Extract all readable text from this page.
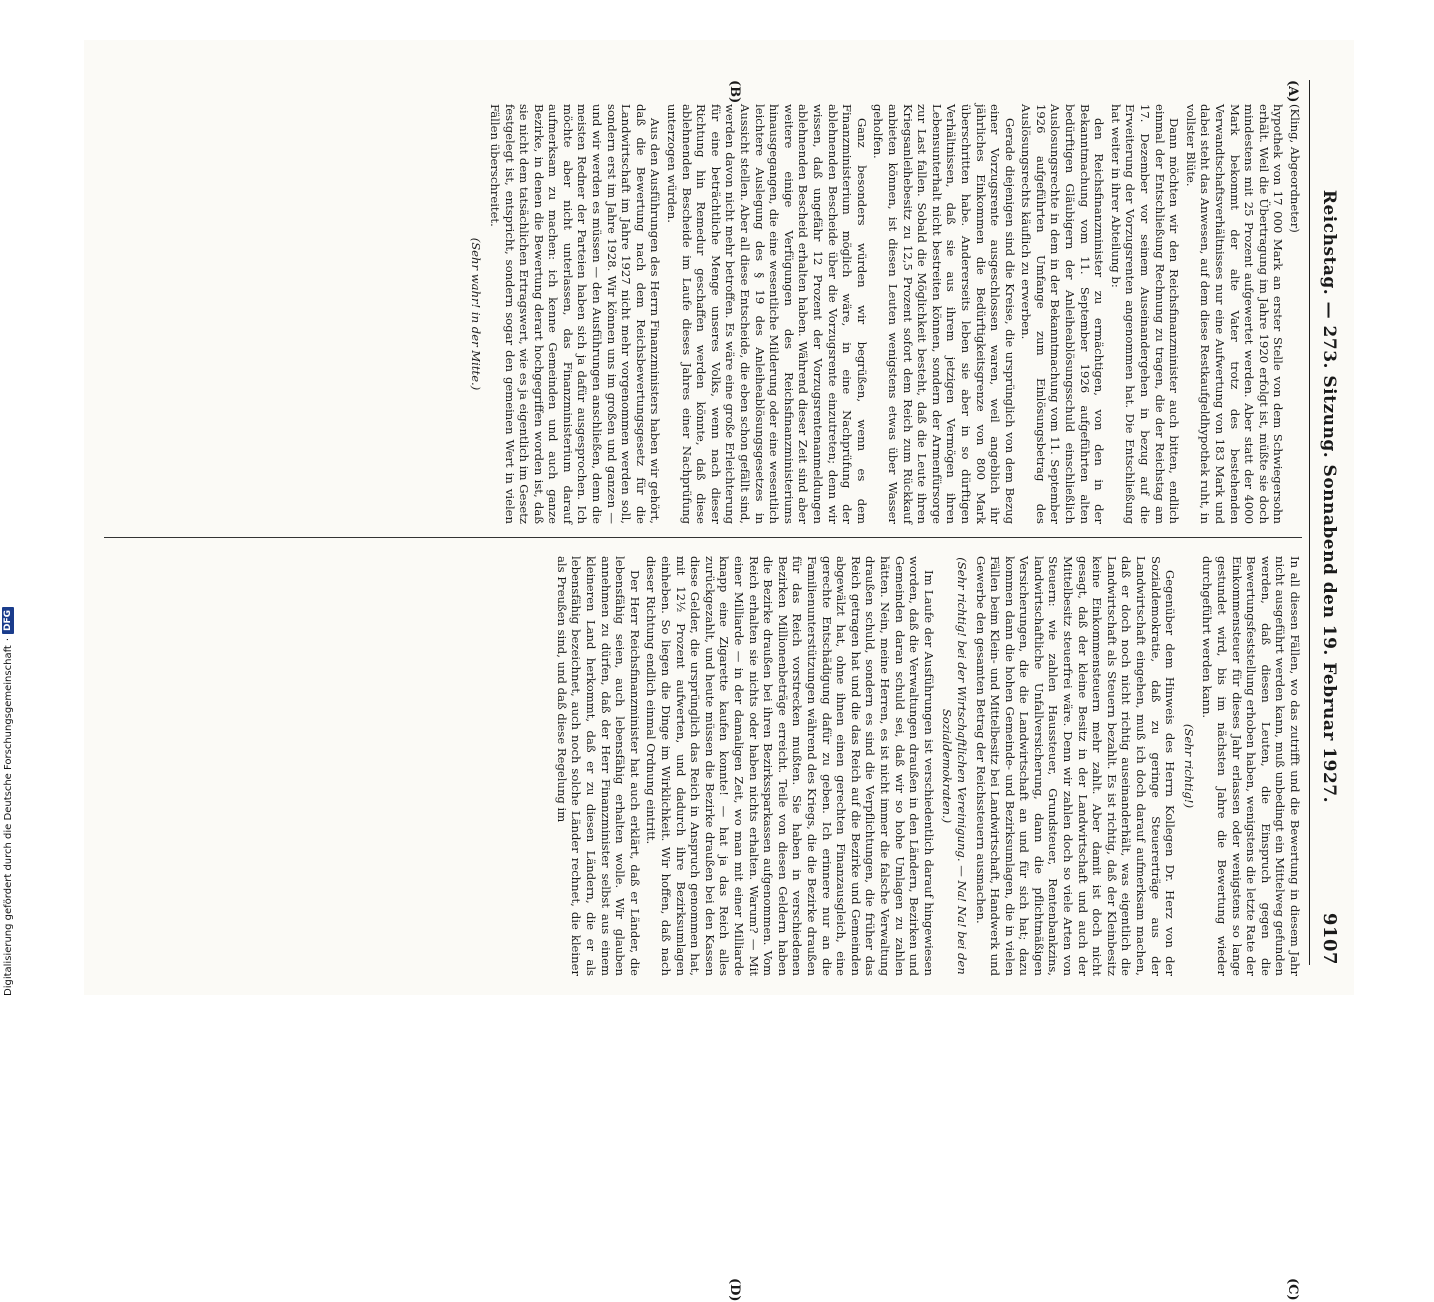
Reichstag. — 273. Sitzung. Sonnabend den 19. Februar 1927.
9107
(A)
(B)
(C)
(D)

(Kling, Abgeordneter)

hypothek von 17 000 Mark an erster Stelle von dem Schwiegersohn erhält. Weil die Übertragung im Jahre 1920 erfolgt ist, müßte sie doch mindestens mit 25 Prozent aufgewertet werden. Aber statt der 4000 Mark bekommt der alte Vater trotz des bestehenden Verwandtschaftsverhältnisses nur eine Aufwertung von 183 Mark und dabei steht das Anwesen, auf dem diese Restkaufgeldhypothek ruht, in vollster Blüte.

Dann möchten wir den Reichsfinanzminister auch bitten, endlich einmal der Entschließung Rechnung zu tragen, die der Reichstag am 17. Dezember vor seinem Auseinandergehen in bezug auf die Erweiterung der Vorzugsrenten angenommen hat. Die Entschließung hat weiter in ihrer Abteilung b:

den Reichsfinanzminister zu ermächtigen, von den in der Bekanntmachung vom 11. September 1926 aufgeführten alten bedürftigen Gläubigern der Anleiheablösungsschuld einschließlich Auslosungsrechte in dem in der Bekanntmachung vom 11. September 1926 aufgeführten Umfange zum Einlösungsbetrag des Auslösungsrechts käuflich zu erwerben.

Gerade diejenigen sind die Kreise, die ursprünglich von dem Bezug einer Vorzugsrente ausgeschlossen waren, weil angeblich ihr jährliches Einkommen die Bedürftigkeitsgrenze von 800 Mark überschritten habe. Andererseits leben sie aber in so dürftigen Verhältnissen, daß sie aus ihrem jetzigen Vermögen ihren Lebensunterhalt nicht bestreiten können, sondern der Armenfürsorge zur Last fallen. Sobald die Möglichkeit besteht, daß die Leute ihren Kriegsanleihebesitz zu 12,5 Prozent sofort dem Reich zum Rückkauf anbieten können, ist diesen Leuten wenigstens etwas über Wasser geholfen.

Ganz besonders würden wir begrüßen, wenn es dem Finanzministerium möglich wäre, in eine Nachprüfung der ablehnenden Bescheide über die Vorzugsrente einzutreten; denn wir wissen, daß ungefähr 12 Prozent der Vorzugsrentenanmeldungen ablehnenden Bescheid erhalten haben. Während dieser Zeit sind aber weitere einige Verfügungen des Reichsfinanzministeriums hinausgegangen, die eine wesentliche Milderung oder eine wesentlich leichtere Auslegung des § 19 des Anleiheablösungsgesetzes in Aussicht stellen. Aber all diese Entscheide, die eben schon gefällt sind, werden davon nicht mehr betroffen. Es wäre eine große Erleichterung für eine beträchtliche Menge unseres Volks, wenn nach dieser Richtung hin Remedur geschaffen werden könnte, daß diese ablehnenden Bescheide im Laufe dieses Jahres einer Nachprüfung unterzogen würden.

Aus den Ausführungen des Herrn Finanzministers haben wir gehört, daß die Bewertung nach dem Reichsbewertungsgesetz für die Landwirtschaft im Jahre 1927 nicht mehr vorgenommen werden soll, sondern erst im Jahre 1928. Wir können uns im großen und ganzen — und wir werden es müssen — den Ausführungen anschließen, denn die meisten Redner der Parteien haben sich ja dafür ausgesprochen. Ich möchte aber nicht unterlassen, das Finanzministerium darauf aufmerksam zu machen: ich kenne Gemeinden und auch ganze Bezirke, in denen die Bewertung derart hochgegriffen worden ist, daß sie nicht dem tatsächlichen Ertragswert, wie es ja eigentlich im Gesetz festgelegt ist, entspricht, sondern sogar den gemeinen Wert in vielen Fällen überschreitet.

(Sehr wahr! in der Mitte.)

In all diesen Fällen, wo das zutrifft und die Bewertung in diesem Jahr nicht ausgeführt werden kann, muß unbedingt ein Mittelweg gefunden werden, daß diesen Leuten, die Einspruch gegen die Bewertungsfeststellung erhoben haben, wenigstens die letzte Rate der Einkommensteuer für dieses Jahr erlassen oder wenigstens so lange gestundet wird, bis im nächsten Jahre die Bewertung wieder durchgeführt werden kann.

(Sehr richtig!)

Gegenüber dem Hinweis des Herrn Kollegen Dr. Herz von der Sozialdemokratie, daß zu geringe Steuererträge aus der Landwirtschaft eingehen, muß ich doch darauf aufmerksam machen, daß er doch noch nicht richtig auseinanderhält, was eigentlich die Landwirtschaft als Steuern bezahlt. Es ist richtig, daß der Kleinbesitz keine Einkommensteuern mehr zahlt. Aber damit ist doch nicht gesagt, daß der kleine Besitz in der Landwirtschaft und auch der Mittelbesitz steuerfrei wäre. Denn wir zahlen doch so viele Arten von Steuern: wie zahlen Haussteuer, Grundsteuer, Rentenbankzins, landwirtschaftliche Unfallversicherung, dann die pflichtmäßigen Versicherungen, die die Landwirtschaft an und für sich hat; dazu kommen dann die hohen Gemeinde- und Bezirksumlagen, die in vielen Fällen beim Klein- und Mittelbesitz bei Landwirtschaft, Handwerk und Gewerbe den gesamten Betrag der Reichssteuern ausmachen.

(Sehr richtig! bei der Wirtschaftlichen Vereinigung. — Na! Na! bei den Sozialdemokraten.)

Im Laufe der Ausführungen ist verschiedentlich darauf hingewiesen worden, daß die Verwaltungen draußen in den Ländern, Bezirken und Gemeinden daran schuld sei, daß wir so hohe Umlagen zu zahlen hätten. Nein, meine Herren, es ist nicht immer die falsche Verwaltung draußen schuld, sondern es sind die Verpflichtungen, die früher das Reich getragen hat und die das Reich auf die Bezirke und Gemeinden abgewälzt hat, ohne ihnen einen gerechten Finanzausgleich, eine gerechte Entschädigung dafür zu geben. Ich erinnere nur an die Familienunterstützungen während des Kriegs, die die Bezirke draußen für das Reich vorstrecken mußten. Sie haben in verschiedenen Bezirken Millionenbeträge erreicht. Teile von diesen Geldern haben die Bezirke draußen bei ihren Bezirkssparkassen aufgenommen. Vom Reich erhalten sie nichts oder haben nichts erhalten. Warum? — Mit einer Milliarde — in der damaligen Zeit, wo man mit einer Milliarde knapp eine Zigarette kaufen konnte! — hat ja das Reich alles zurückgezahlt, und heute müssen die Bezirke draußen bei den Kassen diese Gelder, die ursprünglich das Reich in Anspruch genommen hat, mit 12½ Prozent aufwerten, und dadurch ihre Bezirksumlagen einheben. So liegen die Dinge im Wirklichkeit. Wir hoffen, daß nach dieser Richtung endlich einmal Ordnung eintritt.

Der Herr Reichsfinanzminister hat auch erklärt, daß er Länder, die lebensfähig seien, auch lebensfähig erhalten wolle. Wir glauben annehmen zu dürfen, daß der Herr Finanzminister selbst aus einem kleineren Land herkommt, daß er zu diesen Ländern, die er als lebensfähig bezeichnet, auch noch solche Länder rechnet, die kleiner als Preußen sind, und daß diese Regelung im

Digitalisierung gefördert durch die Deutsche Forschungsgemeinschaft
·
DFG
